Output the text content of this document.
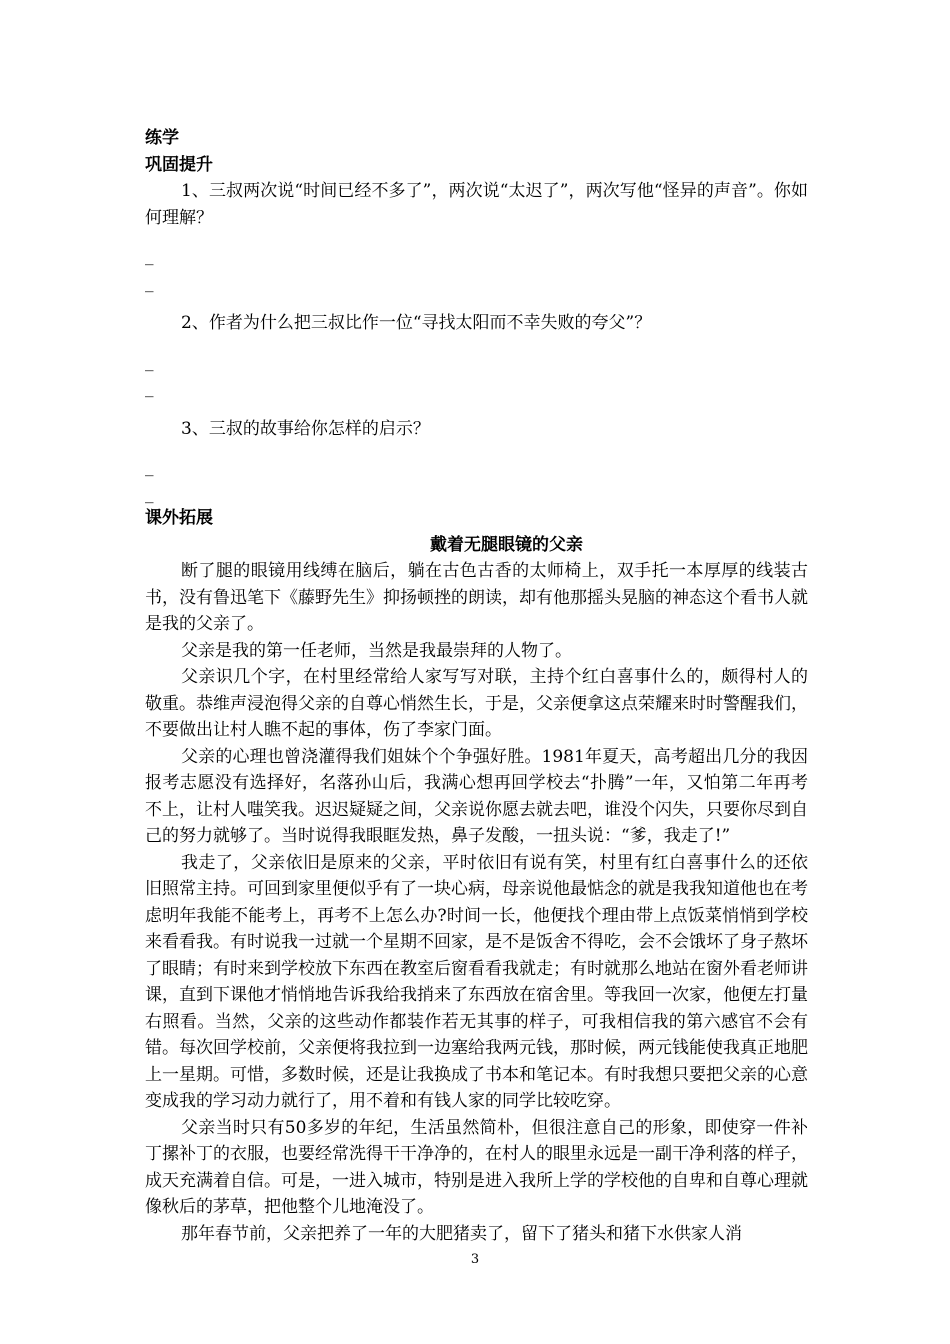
练学

巩固提升

1、三叔两次说“时间已经不多了”，两次说“太迟了”，两次写他“怪异的声音”。你如何理解？

_

_

2、作者为什么把三叔比作一位“寻找太阳而不幸失败的夸父”？

_

_

3、三叔的故事给你怎样的启示？

_

_

课外拓展

戴着无腿眼镜的父亲

断了腿的眼镜用线缚在脑后，躺在古色古香的太师椅上，双手托一本厚厚的线装古书，没有鲁迅笔下《藤野先生》抑扬顿挫的朗读，却有他那摇头晃脑的神态这个看书人就是我的父亲了。

父亲是我的第一任老师，当然是我最崇拜的人物了。

父亲识几个字，在村里经常给人家写写对联，主持个红白喜事什么的，颇得村人的敬重。恭维声浸泡得父亲的自尊心悄然生长，于是，父亲便拿这点荣耀来时时警醒我们，不要做出让村人瞧不起的事体，伤了李家门面。

父亲的心理也曾浇灌得我们姐妹个个争强好胜。1981年夏天，高考超出几分的我因报考志愿没有选择好，名落孙山后，我满心想再回学校去“扑腾”一年，又怕第二年再考不上，让村人嗤笑我。迟迟疑疑之间，父亲说你愿去就去吧，谁没个闪失，只要你尽到自己的努力就够了。当时说得我眼眶发热，鼻子发酸，一扭头说：“爹，我走了!”

我走了，父亲依旧是原来的父亲，平时依旧有说有笑，村里有红白喜事什么的还依旧照常主持。可回到家里便似乎有了一块心病，母亲说他最惦念的就是我我知道他也在考虑明年我能不能考上，再考不上怎么办?时间一长，他便找个理由带上点饭菜悄悄到学校来看看我。有时说我一过就一个星期不回家，是不是饭舍不得吃，会不会饿坏了身子熬坏了眼睛；有时来到学校放下东西在教室后窗看看我就走；有时就那么地站在窗外看老师讲课，直到下课他才悄悄地告诉我给我捎来了东西放在宿舍里。等我回一次家，他便左打量右照看。当然，父亲的这些动作都装作若无其事的样子，可我相信我的第六感官不会有错。每次回学校前，父亲便将我拉到一边塞给我两元钱，那时候，两元钱能使我真正地肥上一星期。可惜，多数时候，还是让我换成了书本和笔记本。有时我想只要把父亲的心意变成我的学习动力就行了，用不着和有钱人家的同学比较吃穿。

父亲当时只有50多岁的年纪，生活虽然简朴，但很注意自己的形象，即使穿一件补丁摞补丁的衣服，也要经常洗得干干净净的，在村人的眼里永远是一副干净利落的样子，成天充满着自信。可是，一进入城市，特别是进入我所上学的学校他的自卑和自尊心理就像秋后的茅草，把他整个儿地淹没了。

那年春节前，父亲把养了一年的大肥猪卖了，留下了猪头和猪下水供家人消

3
